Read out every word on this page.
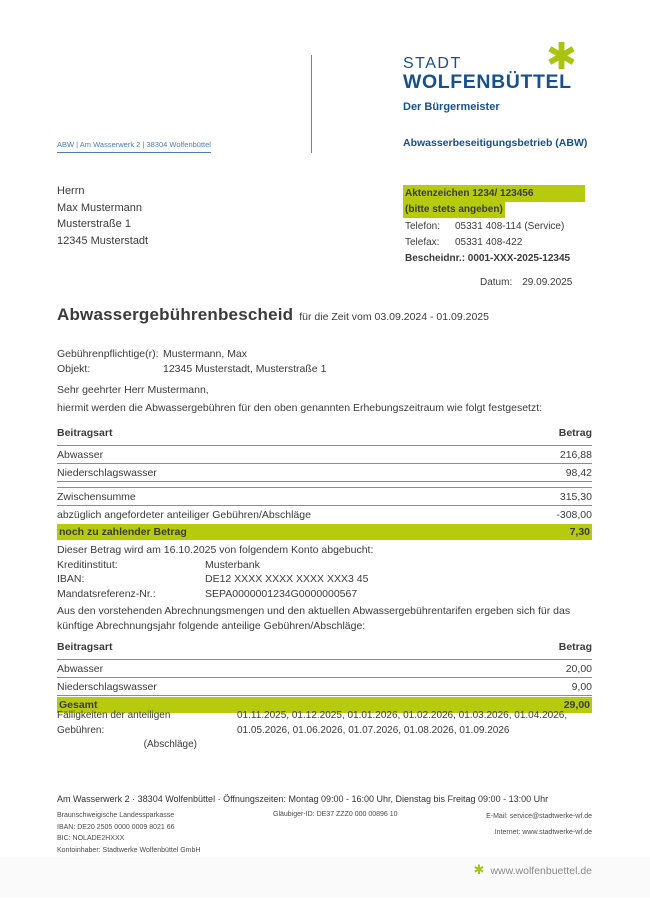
STADT ✱
WOLFENBÜTTEL
Der Bürgermeister
Abwasserbeseitigungsbetrieb (ABW)
ABW | Am Wasserwerk 2 | 38304 Wolfenbüttel
Herrn
Max Mustermann
Musterstraße 1
12345 Musterstadt
Aktenzeichen 1234/ 123456
(bitte stets angeben)
Telefon:	05331 408-114 (Service)
Telefax:	05331 408-422
Bescheidnr.: 0001-XXX-2025-12345
Datum: 29.09.2025
Abwassergebührenbescheid für die Zeit vom 03.09.2024 - 01.09.2025
Gebührenpflichtige(r): Mustermann, Max
Objekt:	12345 Musterstadt, Musterstraße 1
Sehr geehrter Herr Mustermann,
hiermit werden die Abwassergebühren für den oben genannten Erhebungszeitraum wie folgt festgesetzt:
Beitragsart	Betrag
Abwasser	216,88
Niederschlagswasser	98,42
Zwischensumme	315,30
abzüglich angefordeter anteiliger Gebühren/Abschläge	-308,00
noch zu zahlender Betrag	7,30
Dieser Betrag wird am 16.10.2025 von folgendem Konto abgebucht:
Kreditinstitut:	Musterbank
IBAN:	DE12 XXXX XXXX XXXX XXX3 45
Mandatsreferenz-Nr.:	SEPA0000001234G0000000567
Aus den vorstehenden Abrechnungsmengen und den aktuellen Abwassergebührentarifen ergeben sich für das künftige Abrechnungsjahr folgende anteilige Gebühren/Abschläge:
Beitragsart	Betrag
Abwasser	20,00
Niederschlagswasser	9,00
Gesamt	29,00
Fälligkeiten der anteiligen Gebühren:
(Abschläge)
01.11.2025, 01.12.2025, 01.01.2026, 01.02.2026, 01.03.2026, 01.04.2026,
01.05.2026, 01.06.2026, 01.07.2026, 01.08.2026, 01.09.2026
Am Wasserwerk 2 · 38304 Wolfenbüttel · Öffnungszeiten: Montag 09:00 - 16:00 Uhr, Dienstag bis Freitag 09:00 - 13:00 Uhr
Braunschweigische Landessparkasse
IBAN: DE20 2505 0000 0009 8021 66
BIC: NOLADE2HXXX
Kontoinhaber: Stadtwerke Wolfenbüttel GmbH
Gläubiger-ID: DE37 ZZZ0 000 00896 10	E-Mail: service@stadtwerke-wf.de
Internet: www.stadtwerke-wf.de
✱ www.wolfenbuettel.de
